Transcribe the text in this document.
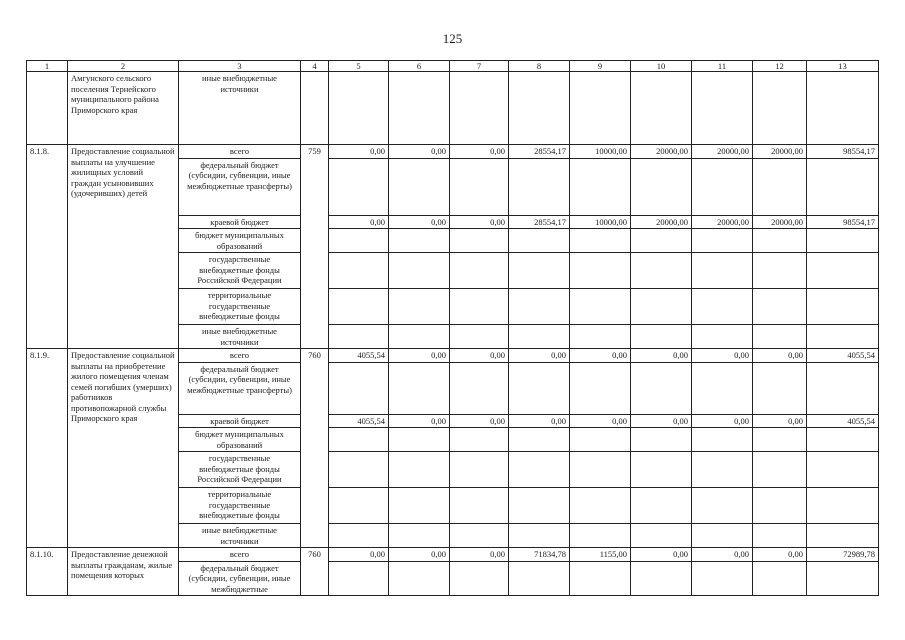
125
1	2	3	4	5	6	7	8	9	10	11	12	13
	Амгунского сельского поселения Тернейского муниципального района Приморского края	иные внебюджетные источники										
8.1.8.	Предоставление социальной выплаты на улучшение жилищных условий граждан усыновивших (удочеривших) детей	всего	759	0,00	0,00	0,00	28554,17	10000,00	20000,00	20000,00	20000,00	98554,17
		федеральный бюджет (субсидии, субвенции, иные межбюджетные трансферты)										
		краевой бюджет		0,00	0,00	0,00	28554,17	10000,00	20000,00	20000,00	20000,00	98554,17
		бюджет муниципальных образований										
		государственные внебюджетные фонды Российской Федерации										
		территориальные государственные внебюджетные фонды										
		иные внебюджетные источники										
8.1.9.	Предоставление социальной выплаты на приобретение жилого помещения членам семей погибших (умерших) работников противопожарной службы Приморского края	всего	760	4055,54	0,00	0,00	0,00	0,00	0,00	0,00	0,00	4055,54
		федеральный бюджет (субсидии, субвенции, иные межбюджетные трансферты)										
		краевой бюджет		4055,54	0,00	0,00	0,00	0,00	0,00	0,00	0,00	4055,54
		бюджет муниципальных образований										
		государственные внебюджетные фонды Российской Федерации										
		территориальные государственные внебюджетные фонды										
		иные внебюджетные источники										
8.1.10.	Предоставление денежной выплаты гражданам, жилые помещения которых	всего	760	0,00	0,00	0,00	71834,78	1155,00	0,00	0,00	0,00	72989,78
		федеральный бюджет (субсидии, субвенции, иные межбюджетные										
